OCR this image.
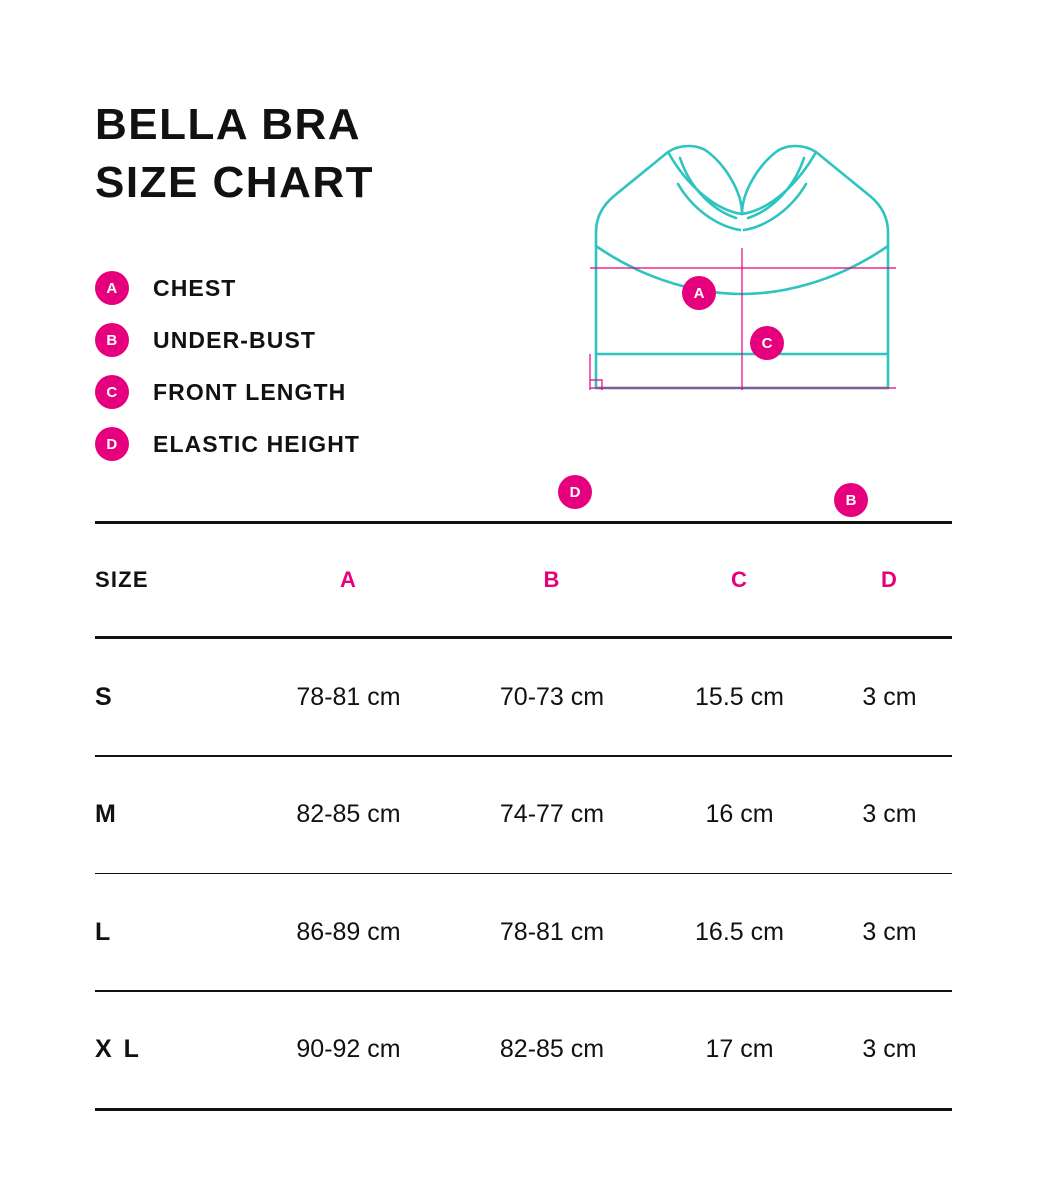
BELLA BRA
SIZE CHART
A	CHEST
B	UNDER-BUST
C	FRONT LENGTH
D	ELASTIC HEIGHT
A
C
D	B
SIZE	A	B	C	D
S	78-81 cm	70-73 cm	15.5 cm	3 cm
M	82-85 cm	74-77 cm	16 cm	3 cm
L	86-89 cm	78-81 cm	16.5 cm	3 cm
X L	90-92 cm	82-85 cm	17 cm	3 cm
